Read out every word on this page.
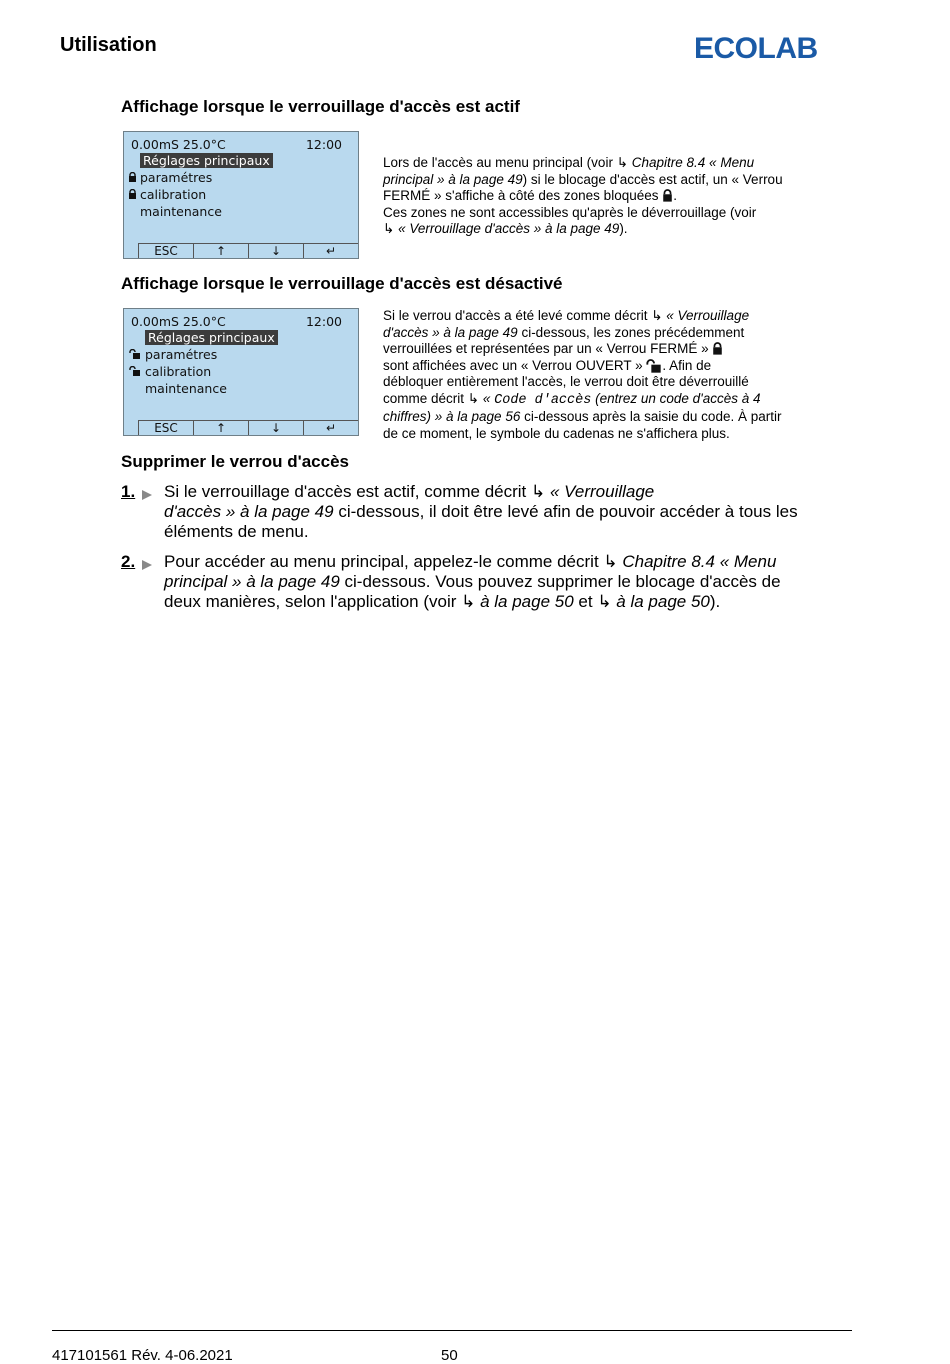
Utilisation	ECOLAB
Affichage lorsque le verrouillage d'accès est actif
0.00mS 25.0°C	12:00
Réglages principaux
paramétres
calibration
maintenance
ESC	↑	↓	↵
Lors de l'accès au menu principal (voir ↳ Chapitre 8.4 « Menu
principal » à la page 49) si le blocage d'accès est actif, un « Verrou
FERMÉ » s'affiche à côté des zones bloquées .
Ces zones ne sont accessibles qu'après le déverrouillage (voir
↳ « Verrouillage d'accès » à la page 49).
Affichage lorsque le verrouillage d'accès est désactivé
0.00mS 25.0°C	12:00
Réglages principaux
paramétres
calibration
maintenance
ESC	↑	↓	↵
Si le verrou d'accès a été levé comme décrit ↳ « Verrouillage
d'accès » à la page 49 ci-dessous, les zones précédemment
verrouillées et représentées par un « Verrou FERMÉ »
sont affichées avec un « Verrou OUVERT » . Afin de
débloquer entièrement l'accès, le verrou doit être déverrouillé
comme décrit ↳ « Code d'accès (entrez un code d'accès à 4
chiffres) » à la page 56 ci-dessous après la saisie du code. À partir
de ce moment, le symbole du cadenas ne s'affichera plus.
Supprimer le verrou d'accès
1.	Si le verrouillage d'accès est actif, comme décrit ↳ « Verrouillage
d'accès » à la page 49 ci-dessous, il doit être levé afin de pouvoir accéder à tous les
éléments de menu.
2.	Pour accéder au menu principal, appelez-le comme décrit ↳ Chapitre 8.4 « Menu
principal » à la page 49 ci-dessous. Vous pouvez supprimer le blocage d'accès de
deux manières, selon l'application (voir ↳ à la page 50 et ↳ à la page 50).
417101561 Rév. 4-06.2021	50
